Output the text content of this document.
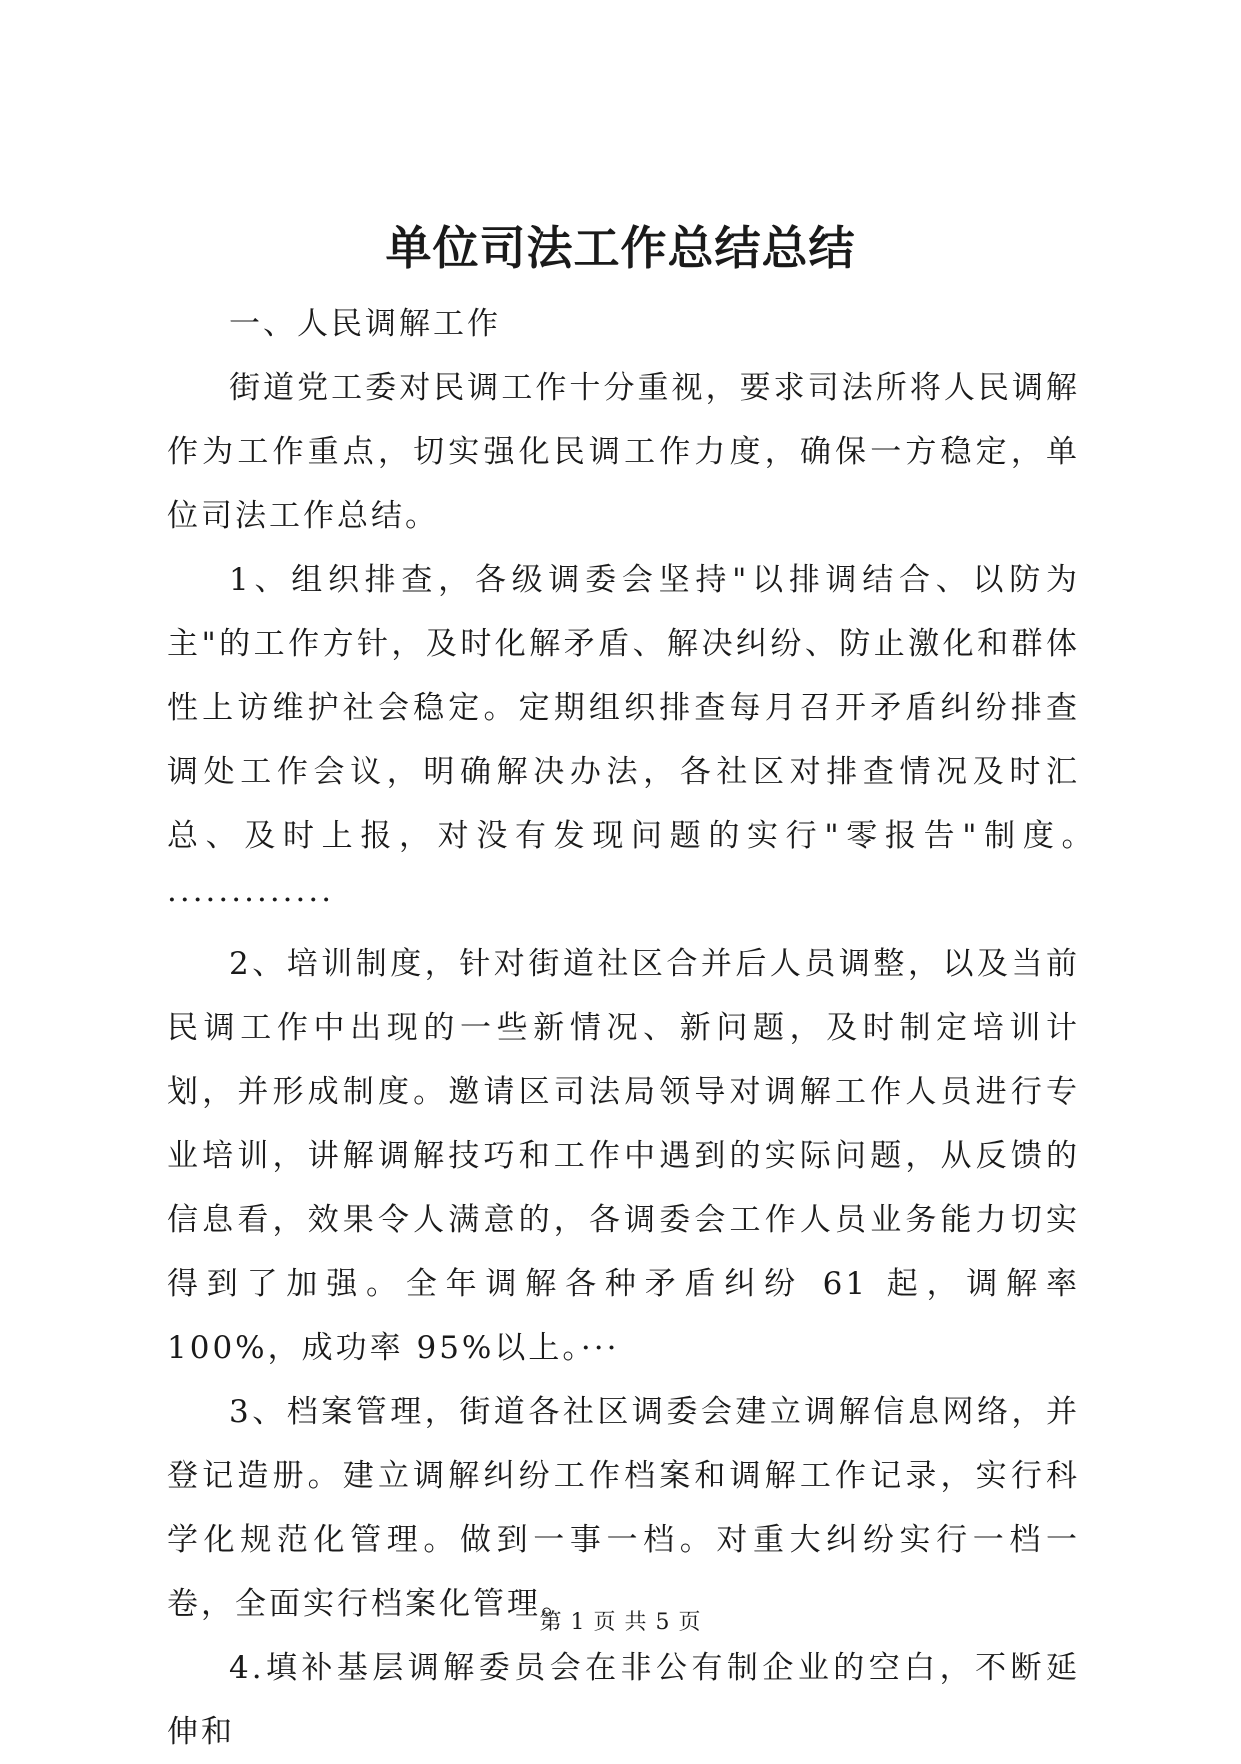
单位司法工作总结总结

一、人民调解工作

街道党工委对民调工作十分重视，要求司法所将人民调解作为工作重点，切实强化民调工作力度，确保一方稳定，单位司法工作总结。

1、组织排查，各级调委会坚持"以排调结合、以防为主"的工作方针，及时化解矛盾、解决纠纷、防止激化和群体性上访维护社会稳定。定期组织排查每月召开矛盾纠纷排查调处工作会议，明确解决办法，各社区对排查情况及时汇总、及时上报，对没有发现问题的实行"零报告"制度。·············

2、培训制度，针对街道社区合并后人员调整，以及当前民调工作中出现的一些新情况、新问题，及时制定培训计划，并形成制度。邀请区司法局领导对调解工作人员进行专业培训，讲解调解技巧和工作中遇到的实际问题，从反馈的信息看，效果令人满意的，各调委会工作人员业务能力切实得到了加强。全年调解各种矛盾纠纷 61 起，调解率 100%，成功率 95%以上。···

3、档案管理，街道各社区调委会建立调解信息网络，并登记造册。建立调解纠纷工作档案和调解工作记录，实行科学化规范化管理。做到一事一档。对重大纠纷实行一档一卷，全面实行档案化管理。

4.填补基层调解委员会在非公有制企业的空白，不断延伸和

第 1 页 共 5 页
